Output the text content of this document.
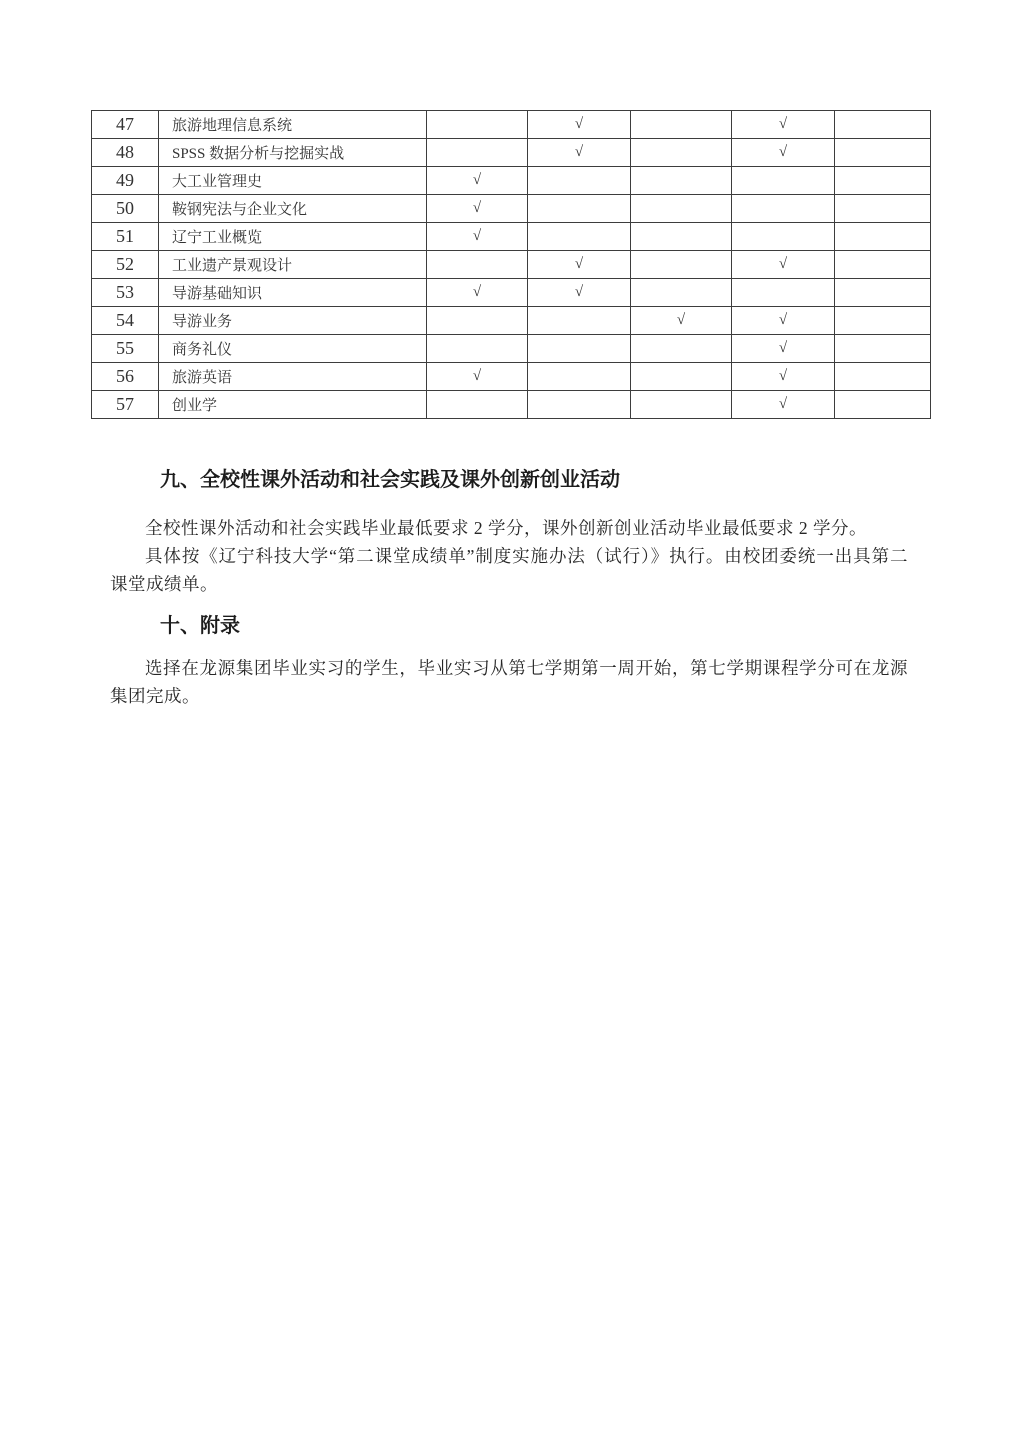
47	旅游地理信息系统		√		√	
48	SPSS 数据分析与挖掘实战		√		√	
49	大工业管理史	√				
50	鞍钢宪法与企业文化	√				
51	辽宁工业概览	√				
52	工业遗产景观设计		√		√	
53	导游基础知识	√	√			
54	导游业务			√	√	
55	商务礼仪				√	
56	旅游英语	√			√	
57	创业学				√	
九、全校性课外活动和社会实践及课外创新创业活动

全校性课外活动和社会实践毕业最低要求 2 学分，课外创新创业活动毕业最低要求 2 学分。

具体按《辽宁科技大学“第二课堂成绩单”制度实施办法（试行）》执行。由校团委统一出具第二课堂成绩单。

十、附录

选择在龙源集团毕业实习的学生，毕业实习从第七学期第一周开始，第七学期课程学分可在龙源集团完成。
